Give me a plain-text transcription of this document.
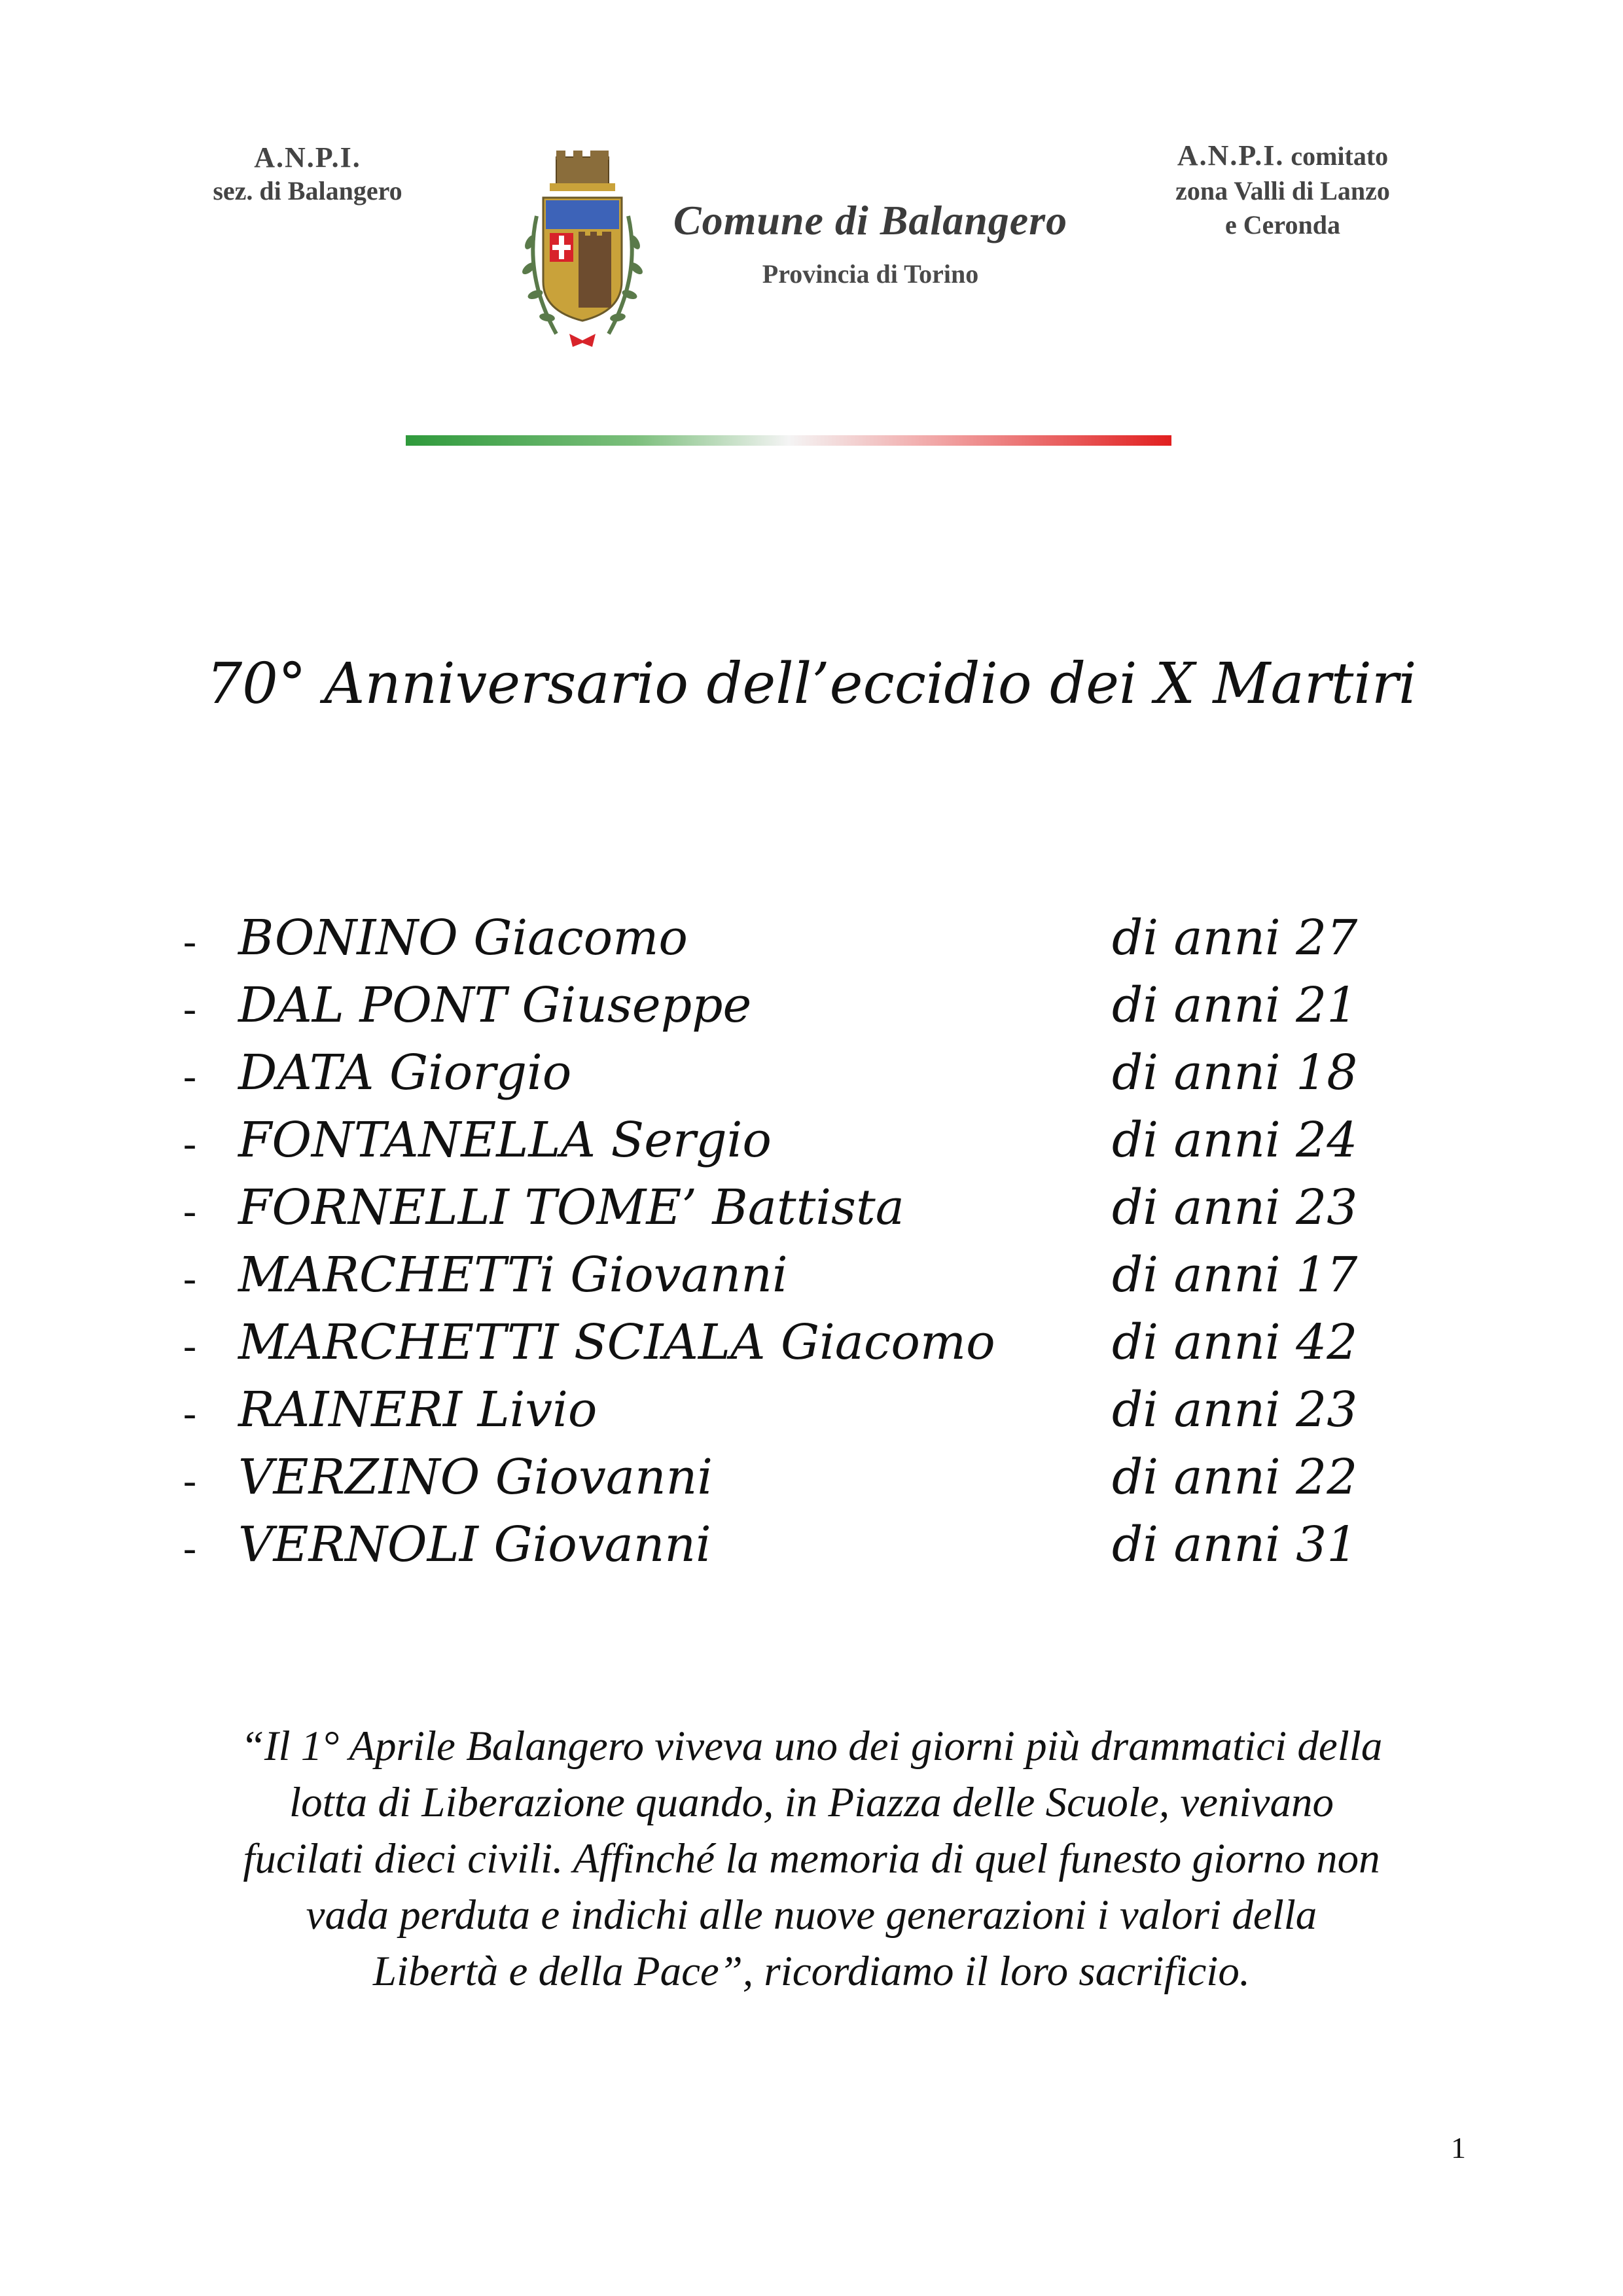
A.N.P.I.
sez. di Balangero
Comune di Balangero
Provincia di Torino
A.N.P.I. comitato
zona Valli di Lanzo
e Ceronda
70° Anniversario dell’eccidio dei X Martiri
- BONINO Giacomo	di anni 27
- DAL PONT Giuseppe	di anni 21
- DATA Giorgio	di anni 18
- FONTANELLA Sergio	di anni 24
- FORNELLI TOME’ Battista	di anni 23
- MARCHETTi Giovanni	di anni 17
- MARCHETTI SCIALA Giacomo	di anni 42
- RAINERI Livio	di anni 23
- VERZINO Giovanni	di anni 22
- VERNOLI Giovanni	di anni 31
“Il 1° Aprile Balangero viveva uno dei giorni più drammatici della
lotta di Liberazione quando, in Piazza delle Scuole, venivano
fucilati dieci civili. Affinché la memoria di quel funesto giorno non
vada perduta e indichi alle nuove generazioni i valori della
Libertà e della Pace”, ricordiamo il loro sacrificio.
1
